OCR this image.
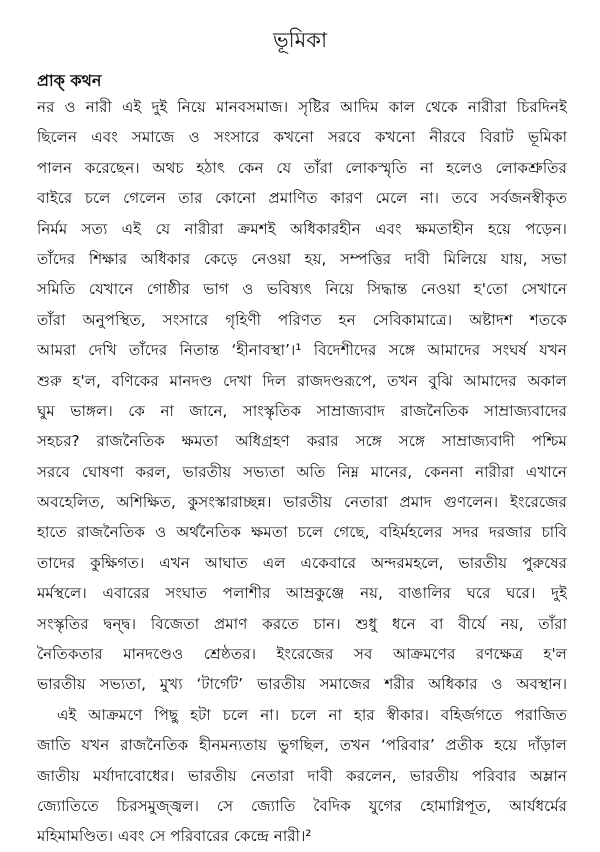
ভূমিকা
প্রাক্ কথন
নর ও নারী এই দুই নিয়ে মানবসমাজ। সৃষ্টির আদিম কাল থেকে নারীরা চিরদিনই
ছিলেন এবং সমাজে ও সংসারে কখনো সরবে কখনো নীরবে বিরাট ভূমিকা
পালন করেছেন। অথচ হঠাৎ কেন যে তাঁরা লোকস্মৃতি না হলেও লোকশ্রুতির
বাইরে চলে গেলেন তার কোনো প্রমাণিত কারণ মেলে না। তবে সর্বজনস্বীকৃত
নির্মম সত্য এই যে নারীরা ক্রমশই অধিকারহীন এবং ক্ষমতাহীন হয়ে পড়েন।
তাঁদের শিক্ষার অধিকার কেড়ে নেওয়া হয়, সম্পত্তির দাবী মিলিয়ে যায়, সভা
সমিতি যেখানে গোষ্ঠীর ভাগ ও ভবিষ্যৎ নিয়ে সিদ্ধান্ত নেওয়া হ'তো সেখানে
তাঁরা অনুপস্থিত, সংসারে গৃহিণী পরিণত হন সেবিকামাত্রে। অষ্টাদশ শতকে
আমরা দেখি তাঁদের নিতান্ত ‘হীনাবস্থা’।¹ বিদেশীদের সঙ্গে আমাদের সংঘর্ষ যখন
শুরু হ'ল, বণিকের মানদণ্ড দেখা দিল রাজদণ্ডরূপে, তখন বুঝি আমাদের অকাল
ঘুম ভাঙ্গল। কে না জানে, সাংস্কৃতিক সাম্রাজ্যবাদ রাজনৈতিক সাম্রাজ্যবাদের
সহচর? রাজনৈতিক ক্ষমতা অধিগ্রহণ করার সঙ্গে সঙ্গে সাম্রাজ্যবাদী পশ্চিম
সরবে ঘোষণা করল, ভারতীয় সভ্যতা অতি নিম্ন মানের, কেননা নারীরা এখানে
অবহেলিত, অশিক্ষিত, কুসংস্কারাচ্ছন্ন। ভারতীয় নেতারা প্রমাদ গুণলেন। ইংরেজের
হাতে রাজনৈতিক ও অর্থনৈতিক ক্ষমতা চলে গেছে, বহির্মহলের সদর দরজার চাবি
তাদের কুক্ষিগত। এখন আঘাত এল একেবারে অন্দরমহলে, ভারতীয় পুরুষের
মর্মস্থলে। এবারের সংঘাত পলাশীর আম্রকুঞ্জে নয়, বাঙালির ঘরে ঘরে। দুই
সংস্কৃতির দ্বন্দ্ব। বিজেতা প্রমাণ করতে চান। শুধু ধনে বা বীর্যে নয়, তাঁরা
নৈতিকতার মানদণ্ডেও শ্রেষ্ঠতর। ইংরেজের সব আক্রমণের রণক্ষেত্র হ'ল
ভারতীয় সভ্যতা, মুখ্য ‘টার্গেট’ ভারতীয় সমাজের শরীর অধিকার ও অবস্থান।
এই আক্রমণে পিছু হটা চলে না। চলে না হার স্বীকার। বহির্জগতে পরাজিত
জাতি যখন রাজনৈতিক হীনমন্যতায় ভুগছিল, তখন ‘পরিবার’ প্রতীক হয়ে দাঁড়াল
জাতীয় মর্যাদাবোধের। ভারতীয় নেতারা দাবী করলেন, ভারতীয় পরিবার অম্লান
জ্যোতিতে চিরসমুজ্জ্বল। সে জ্যোতি বৈদিক যুগের হোমাগ্নিপূত, আর্যধর্মের
মহিমামণ্ডিত। এবং সে পরিবারের কেন্দ্রে নারী।²
